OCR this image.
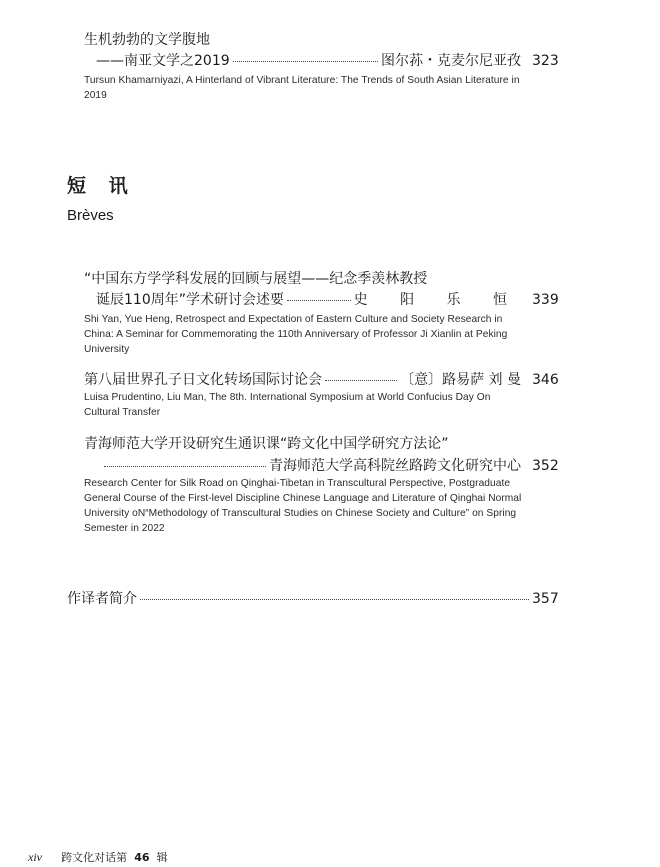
生机勃勃的文学腹地
——南亚文学之2019	图尔荪・克麦尔尼亚孜 323
Tursun Khamarniyazi, A Hinterland of Vibrant Literature: The Trends of South Asian Literature in 2019
短 讯
Brèves
“中国东方学学科发展的回顾与展望——纪念季羡林教授
诞辰110周年”学术研讨会述要	史 阳 乐 恒 339
Shi Yan, Yue Heng, Retrospect and Expectation of Eastern Culture and Society Research in China: A Seminar for Commemorating the 110th Anniversary of Professor Ji Xianlin at Peking University
第八届世界孔子日文化转场国际讨论会	〔意〕路易萨 刘 曼 346
Luisa Prudentino, Liu Man, The 8th. International Symposium at World Confucius Day On Cultural Transfer
青海师范大学开设研究生通识课“跨文化中国学研究方法论”
青海师范大学高科院丝路跨文化研究中心 352
Research Center for Silk Road on Qinghai-Tibetan in Transcultural Perspective, Postgraduate General Course of the First-level Discipline Chinese Language and Literature of Qinghai Normal University oN“Methodology of Transcultural Studies on Chinese Society and Culture” on Spring Semester in 2022
作译者简介	357
xiv 跨文化对话第 46 辑
